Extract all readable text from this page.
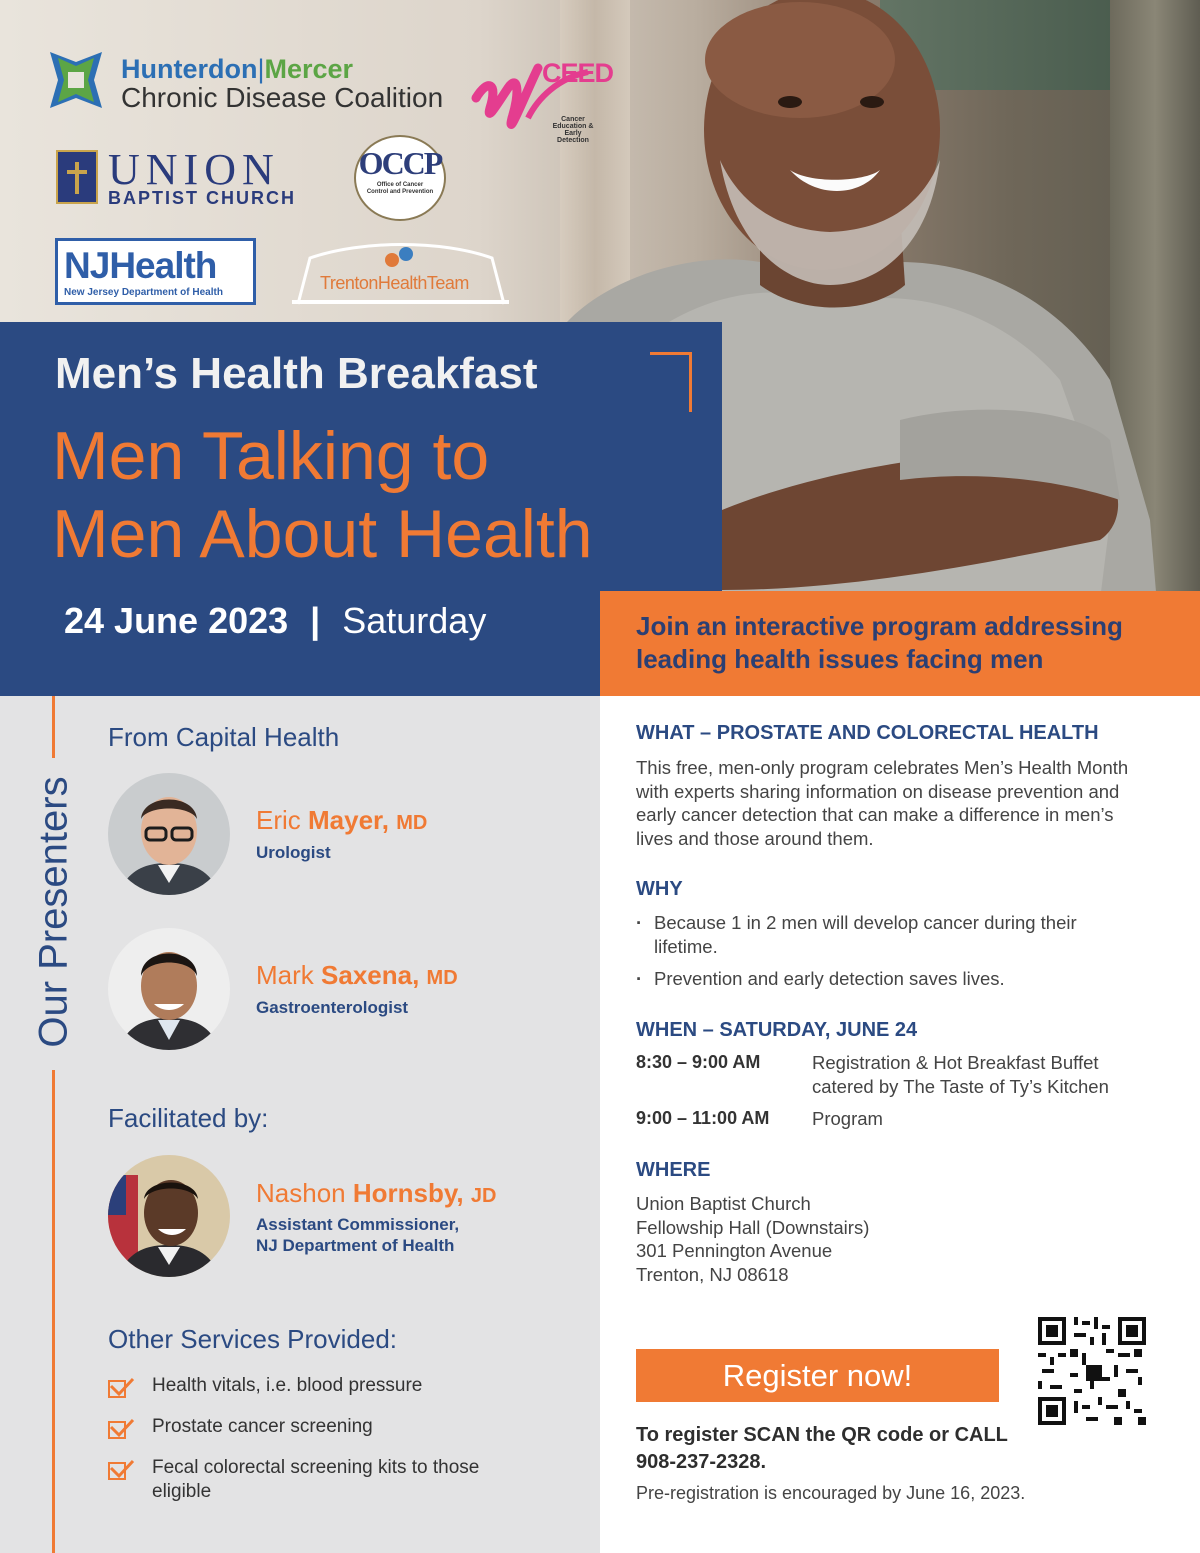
Hunterdon|Mercer
Chronic Disease Coalition
CEED
Cancer Education & Early Detection
UNION
BAPTIST CHURCH
OCCP
Office of Cancer Control and Prevention
NJHealth
New Jersey Department of Health	TrentonHealthTeam
Men’s Health Breakfast
Men Talking to
Men About Health
24 June 2023 | Saturday	Join an interactive program addressing leading health issues facing men
Our Presenters
From Capital Health
Eric Mayer, MD
Urologist
Mark Saxena, MD
Gastroenterologist
Facilitated by:
Nashon Hornsby, JD
Assistant Commissioner,
NJ Department of Health
Other Services Provided:
Health vitals, i.e. blood pressure
Prostate cancer screening
Fecal colorectal screening kits to those eligible
WHAT – PROSTATE AND COLORECTAL HEALTH
This free, men-only program celebrates Men’s Health Month with experts sharing information on disease prevention and early cancer detection that can make a difference in men’s lives and those around them.
WHY
· Because 1 in 2 men will develop cancer during their lifetime.
· Prevention and early detection saves lives.
WHEN – SATURDAY, JUNE 24
8:30 – 9:00 AM	Registration & Hot Breakfast Buffet catered by The Taste of Ty’s Kitchen
9:00 – 11:00 AM Program
WHERE
Union Baptist Church
Fellowship Hall (Downstairs)
301 Pennington Avenue
Trenton, NJ 08618
Register now!
To register SCAN the QR code or CALL 908-237-2328.
Pre-registration is encouraged by June 16, 2023.
